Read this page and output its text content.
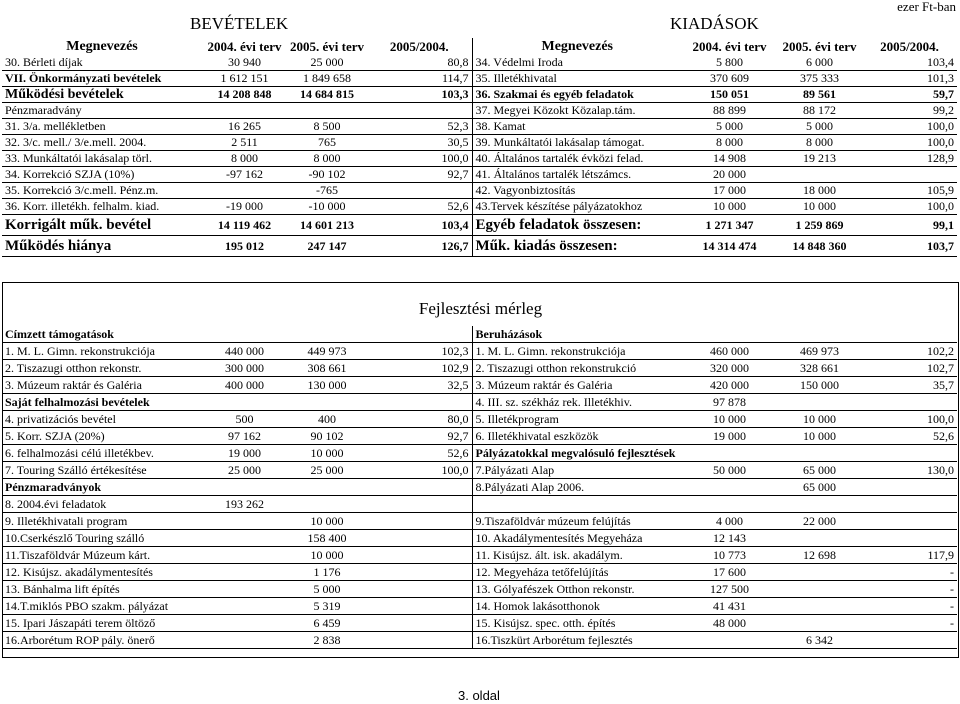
BEVÉTELEK	KIADÁSOK
ezer Ft-ban
Megnevezés	2004. évi terv	2005. évi terv	2005/2004.	Megnevezés	2004. évi terv	2005. évi terv	2005/2004.
30. Bérleti díjak	30 940	25 000	80,8	34. Védelmi Iroda	5 800	6 000	103,4
VII. Önkormányzati bevételek	1 612 151	1 849 658	114,7	35. Illetékhivatal	370 609	375 333	101,3
Működési bevételek	14 208 848	14 684 815	103,3	36. Szakmai és egyéb feladatok	150 051	89 561	59,7
Pénzmaradvány				37. Megyei Közokt Közalap.tám.	88 899	88 172	99,2
31. 3/a. mellékletben	16 265	8 500	52,3	38. Kamat	5 000	5 000	100,0
32. 3/c. mell./ 3/e.mell. 2004.	2 511	765	30,5	39. Munkáltatói lakásalap támogat.	8 000	8 000	100,0
33. Munkáltatói lakásalap törl.	8 000	8 000	100,0	40. Általános tartalék évközi felad.	14 908	19 213	128,9
34. Korrekció SZJA (10%)	-97 162	-90 102	92,7	41. Általános tartalék létszámcs.	20 000		
35. Korrekció 3/c.mell. Pénz.m.		-765		42. Vagyonbiztosítás	17 000	18 000	105,9
36. Korr. illetékh. felhalm. kiad.	-19 000	-10 000	52,6	43.Tervek készítése pályázatokhoz	10 000	10 000	100,0
Korrigált műk. bevétel	14 119 462	14 601 213	103,4	Egyéb feladatok összesen:	1 271 347	1 259 869	99,1
Működés hiánya	195 012	247 147	126,7	Műk. kiadás összesen:	14 314 474	14 848 360	103,7
Fejlesztési mérleg
Címzett támogatások				Beruházások			
1. M. L. Gimn. rekonstrukciója	440 000	449 973	102,3	1. M. L. Gimn. rekonstrukciója	460 000	469 973	102,2
2. Tiszazugi otthon rekonstr.	300 000	308 661	102,9	2. Tiszazugi otthon rekonstrukció	320 000	328 661	102,7
3. Múzeum raktár és Galéria	400 000	130 000	32,5	3. Múzeum raktár és Galéria	420 000	150 000	35,7
Saját felhalmozási bevételek				4. III. sz. székház rek. Illetékhiv.	97 878		
4. privatizációs bevétel	500	400	80,0	5. Illetékprogram	10 000	10 000	100,0
5. Korr. SZJA (20%)	97 162	90 102	92,7	6. Illetékhivatal eszközök	19 000	10 000	52,6
6. felhalmozási célú illetékbev.	19 000	10 000	52,6	Pályázatokkal megvalósuló fejlesztések			
7. Touring Szálló értékesítése	25 000	25 000	100,0	7.Pályázati Alap	50 000	65 000	130,0
Pénzmaradványok				8.Pályázati Alap 2006.		65 000	
8. 2004.évi feladatok	193 262						
9. Illetékhivatali program		10 000		9.Tiszaföldvár múzeum felújítás	4 000	22 000	
10.Cserkészlő Touring szálló		158 400		10. Akadálymentesítés Megyeháza	12 143		
11.Tiszaföldvár Múzeum kárt.		10 000		11. Kisújsz. ált. isk. akadálym.	10 773	12 698	117,9
12. Kisújsz. akadálymentesítés		1 176		12. Megyeháza tetőfelújítás	17 600		-
13. Bánhalma lift építés		5 000		13. Gólyafészek Otthon rekonstr.	127 500		-
14.T.miklós PBO szakm. pályázat		5 319		14. Homok lakásotthonok	41 431		-
15. Ipari Jászapáti terem öltöző		6 459		15. Kisújsz. spec. otth. építés	48 000		-
16.Arborétum ROP pály. önerő		2 838		16.Tiszkürt Arborétum fejlesztés		6 342	
3. oldal
